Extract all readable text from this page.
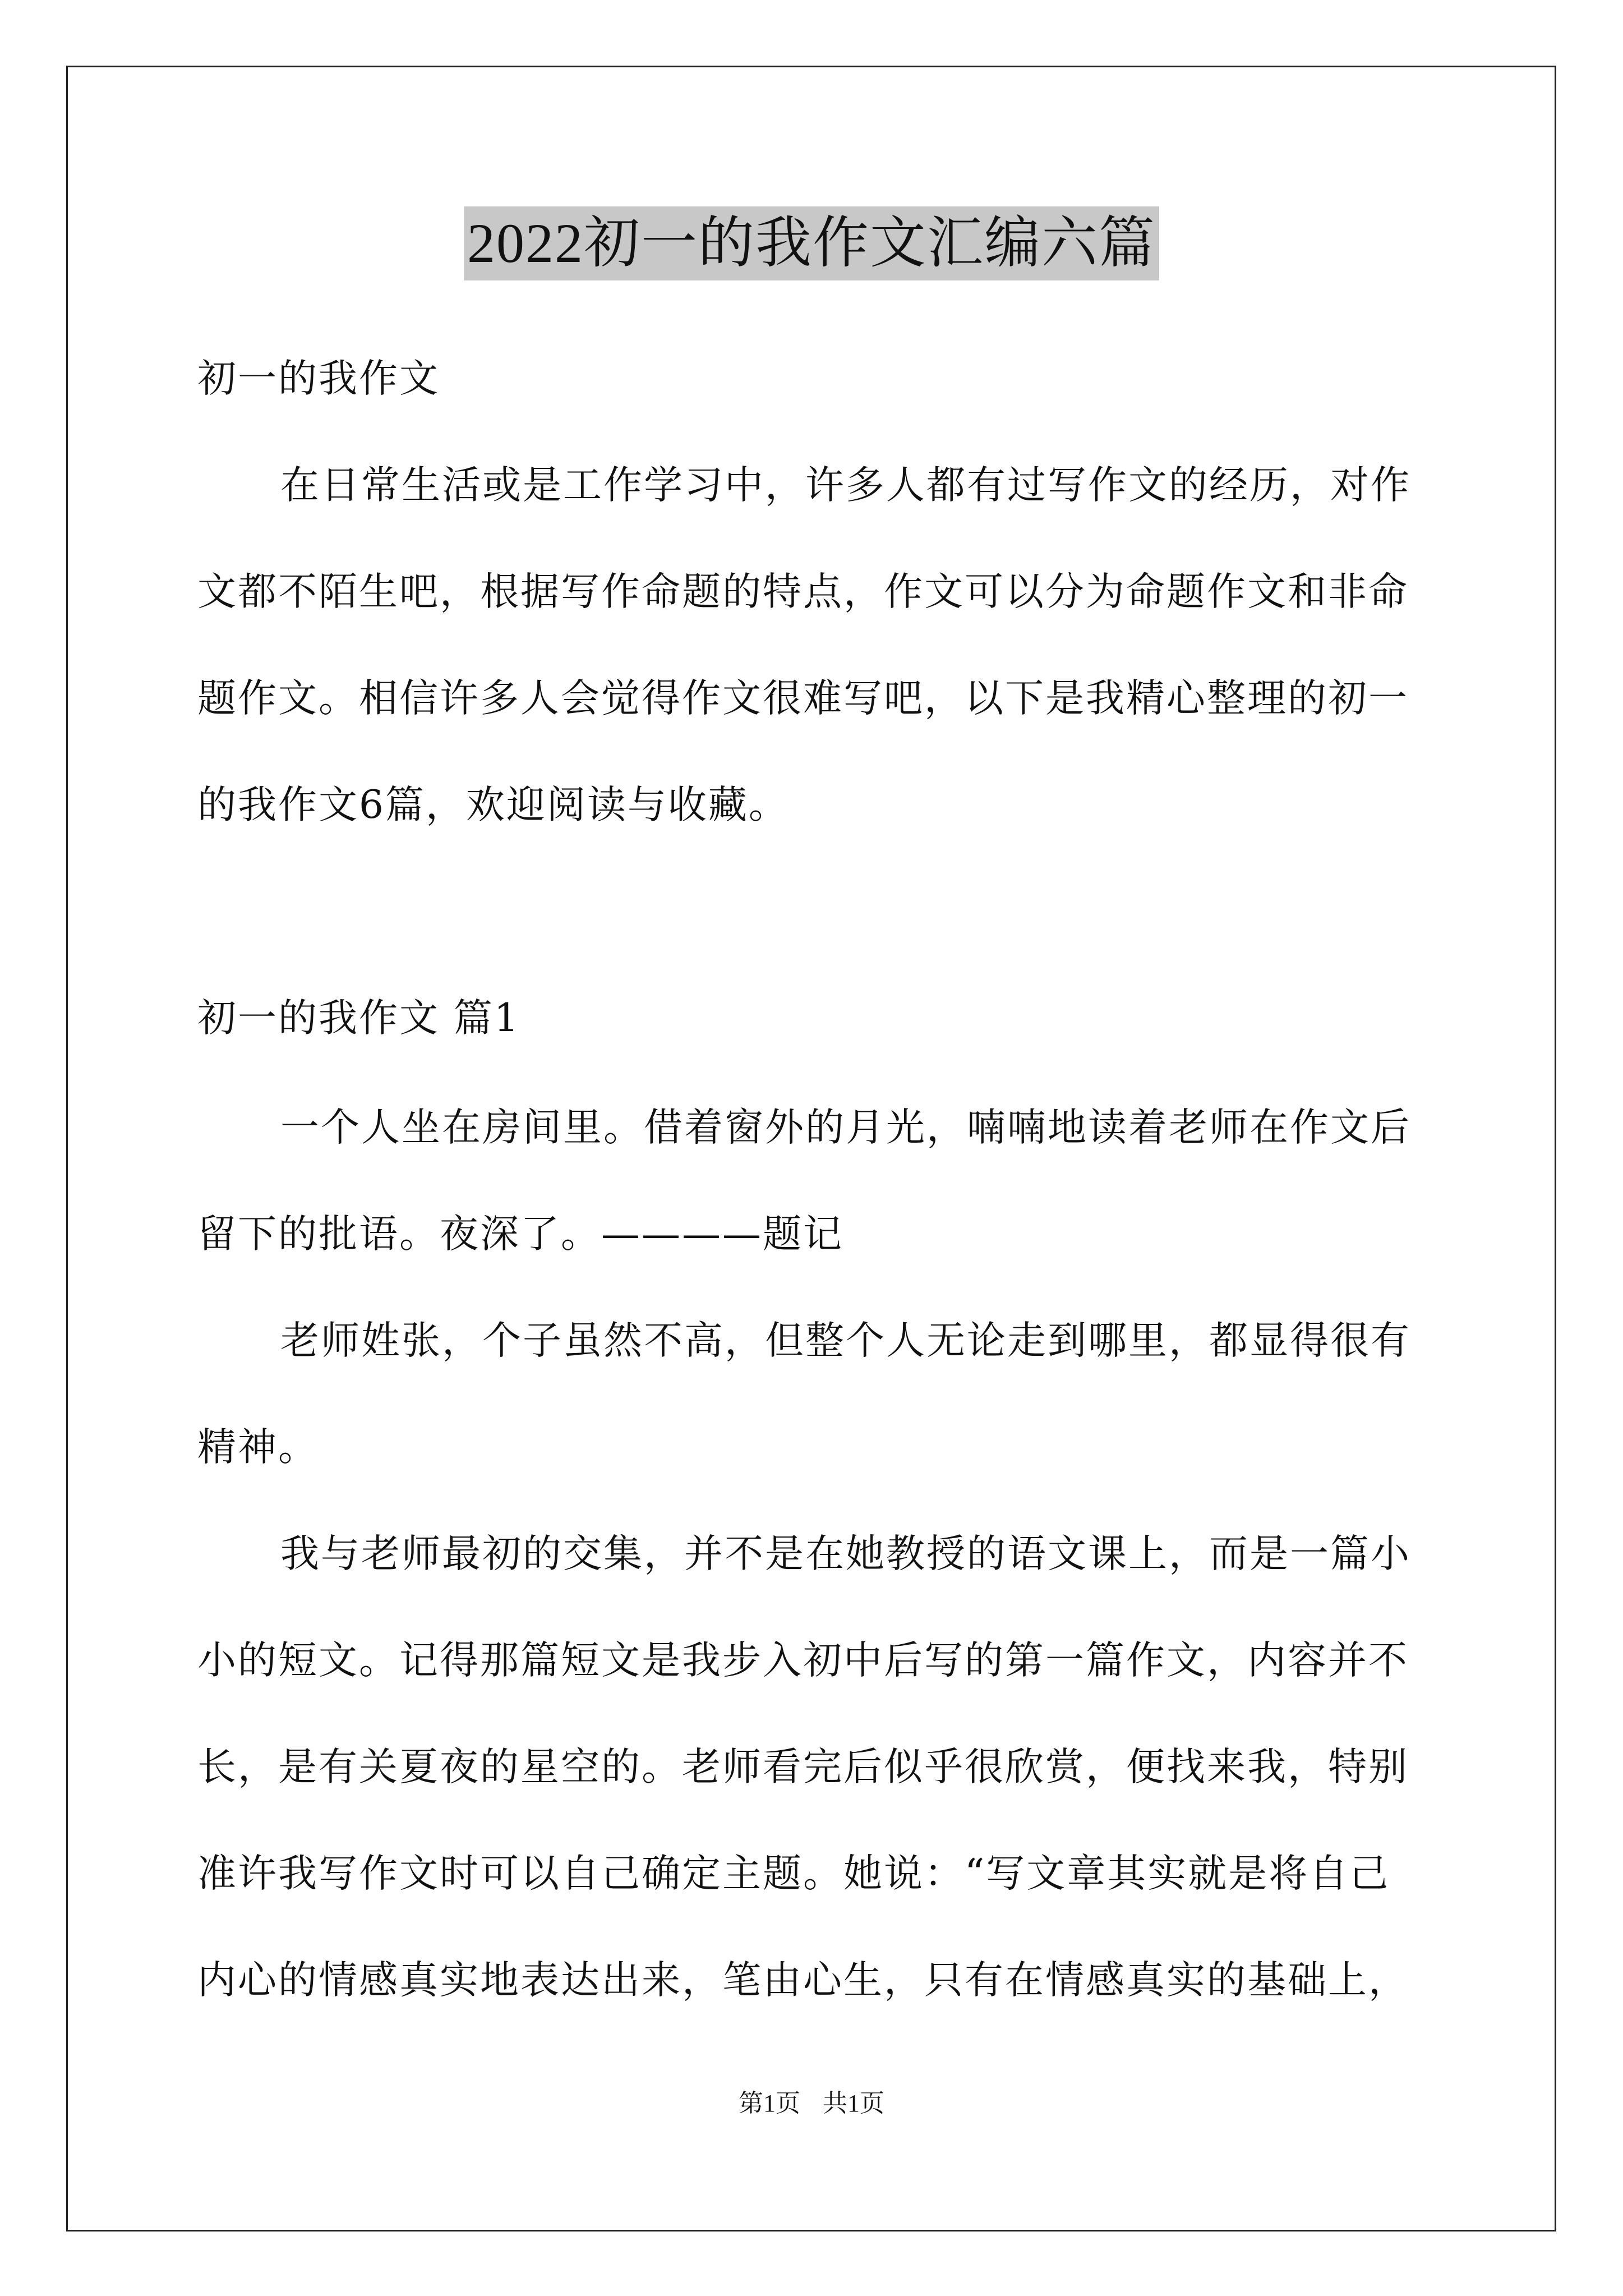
2022初一的我作文汇编六篇
初一的我作文
在日常生活或是工作学习中，许多人都有过写作文的经历，对作
文都不陌生吧，根据写作命题的特点，作文可以分为命题作文和非命
题作文。相信许多人会觉得作文很难写吧，以下是我精心整理的初一
的我作文6篇，欢迎阅读与收藏。
初一的我作文 篇1
一个人坐在房间里。借着窗外的月光，喃喃地读着老师在作文后
留下的批语。夜深了。————题记
老师姓张，个子虽然不高，但整个人无论走到哪里，都显得很有
精神。
我与老师最初的交集，并不是在她教授的语文课上，而是一篇小
小的短文。记得那篇短文是我步入初中后写的第一篇作文，内容并不
长，是有关夏夜的星空的。老师看完后似乎很欣赏，便找来我，特别
准许我写作文时可以自己确定主题。她说：“写文章其实就是将自己
内心的情感真实地表达出来，笔由心生，只有在情感真实的基础上，
第1页 共1页
